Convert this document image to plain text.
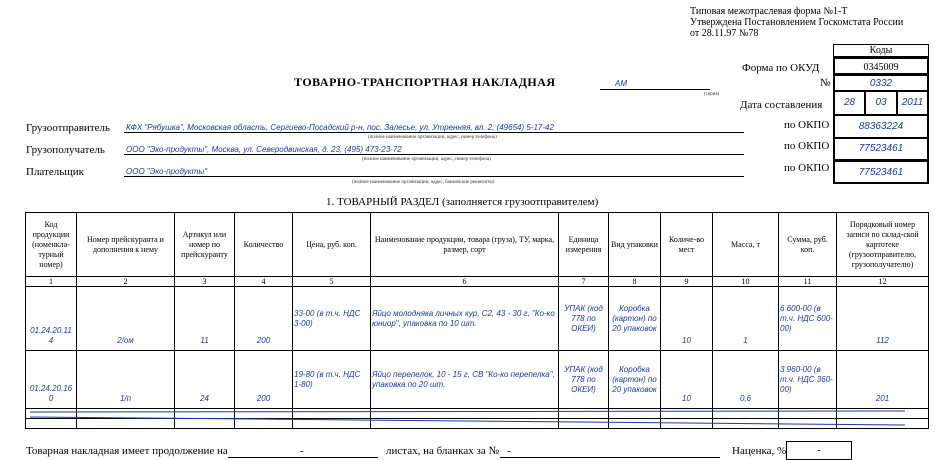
Типовая межотраслевая форма №1-Т
Утверждена Постановлением Госкомстата России
от 28.11.97 №78
Коды
Форма по ОКУД	0345009
№	0332
Дата составления	28	03	2011
ТОВАРНО-ТРАНСПОРТНАЯ НАКЛАДНАЯ	АМ
(серия)
Грузоотправитель КФХ "Рябушка", Московская область, Сергиево-Посадский р-н, пос. Залесье, ул. Утренняя, вл. 2, (49654) 5-17-42
(полное наименование организации, адрес, номер телефона)
по ОКПО	88363224
Грузополучатель	ООО "Эко-продукты", Москва, ул. Северодвинская, д. 23, (495) 473-23-72
(полное наименование организации, адрес, номер телефона)
по ОКПО	77523461
Плательщик	ООО "Эко-продукты"
(полное наименование организации, адрес, банковские реквизиты)
по ОКПО	77523461
1. ТОВАРНЫЙ РАЗДЕЛ (заполняется грузоотправителем)
Код продукции (номенкла-турный номер)	Номер прейскуранта и дополнения к нему	Артикул или номер по прейскуранту	Количество	Цена, руб. коп.	Наименование продукции, товара (груза), ТУ, марка, размер, сорт	Единица измерения	Вид упаковки	Количе-во мест	Масса, т	Сумма, руб. коп.	Порядковый номер записи по склад-ской картотеке (грузоотправителю, грузополучателю)
1	2	3	4	5	6	7	8	9	10	11	12
01.24.20.11 4	2/ом	11	200	33-00 (в т.ч. НДС 3-00)	Яйцо молодняка личных кур, С2, 43 - 30 г, "Ко-ко юниор", упаковка по 10 шт.	УПАК (код 778 по ОКЕИ)	Коробка (картон) по 20 упаковок	10	1	6 600-00 (в т.ч. НДС 600-00)	112
01.24.20.16 0	1/п	24	200	19-80 (в т.ч. НДС 1-80)	Яйцо перепелок, 10 - 15 г, СВ "Ко-ко перепелка", упаковка по 20 шт.	УПАК (код 778 по ОКЕИ)	Коробка (картон) по 20 упаковок	10	0,6	3 960-00 (в т.ч. НДС 360-00)	201

Товарная накладная имеет продолжение на	-	листах, на бланках за № -	Наценка, %	-
